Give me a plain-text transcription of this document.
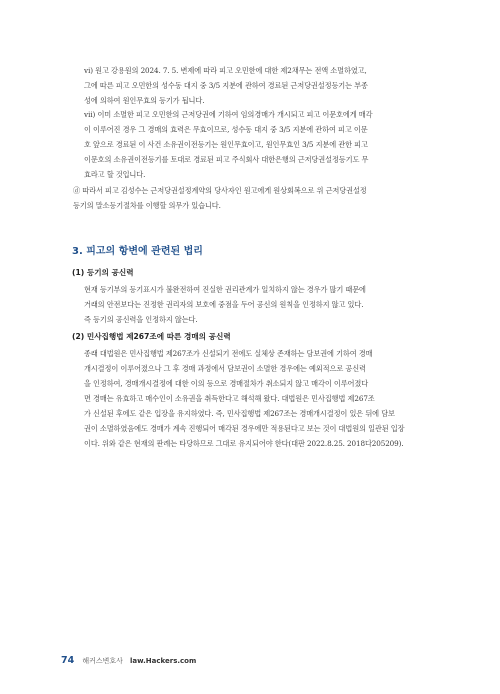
ⅵ) 원고 강용원의 2024. 7. 5. 변제에 따라 피고 오민한에 대한 제2채무는 전액 소멸하였고,
그에 따른 피고 오민한의 성수동 대지 중 3/5 지분에 관하여 경료된 근저당권설정등기는 부종
성에 의하여 원인무효의 등기가 됩니다.
ⅶ) 이미 소멸한 피고 오민한의 근저당권에 기하여 임의경매가 개시되고 피고 이문호에게 매각
이 이루어진 경우 그 경매의 효력은 무효이므로, 성수동 대지 중 3/5 지분에 관하여 피고 이문
호 앞으로 경료된 이 사건 소유권이전등기는 원인무효이고, 원인무효인 3/5 지분에 관한 피고
이문호의 소유권이전등기를 토대로 경료된 피고 주식회사 대한은행의 근저당권설정등기도 무
효라고 할 것입니다.
ⓓ 따라서 피고 김성수는 근저당권설정계약의 당사자인 원고에게 원상회복으로 위 근저당권설정
등기의 말소등기절차를 이행할 의무가 있습니다.
3. 피고의 항변에 관련된 법리
(1) 등기의 공신력
현재 등기부의 등기표시가 불완전하여 진실한 권리관계가 일치하지 않는 경우가 많기 때문에
거래의 안전보다는 진정한 권리자의 보호에 중점을 두어 공신의 원칙을 인정하지 않고 있다.
즉 등기의 공신력을 인정하지 않는다.
(2) 민사집행법 제267조에 따른 경매의 공신력
종래 대법원은 민사집행법 제267조가 신설되기 전에도 실체상 존재하는 담보권에 기하여 경매
개시결정이 이루어졌으나 그 후 경매 과정에서 담보권이 소멸한 경우에는 예외적으로 공신력
을 인정하여, 경매개시결정에 대한 이의 등으로 경매절차가 취소되지 않고 매각이 이루어졌다
면 경매는 유효하고 매수인이 소유권을 취득한다고 해석해 왔다. 대법원은 민사집행법 제267조
가 신설된 후에도 같은 입장을 유지하였다. 즉, 민사집행법 제267조는 경매개시결정이 있은 뒤에 담보
권이 소멸하였음에도 경매가 계속 진행되어 매각된 경우에만 적용된다고 보는 것이 대법원의 일관된 입장
이다. 위와 같은 현재의 판례는 타당하므로 그대로 유지되어야 한다(대판 2022.8.25. 2018다205209).
74 해커스변호사 law.Hackers.com
